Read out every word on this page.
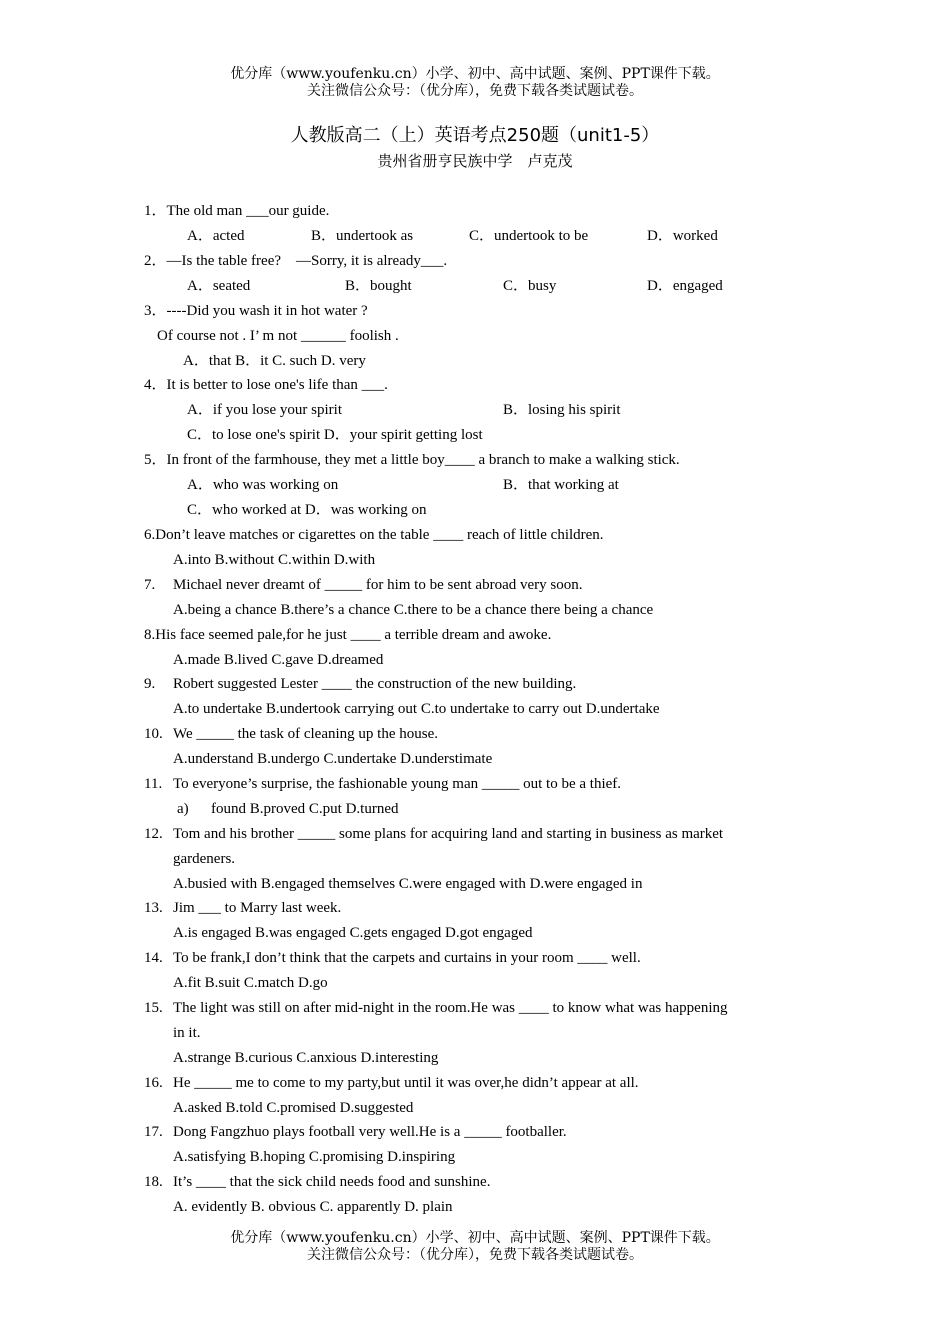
优分库（www.youfenku.cn）小学、初中、高中试题、案例、PPT课件下载。
关注微信公众号：（优分库），免费下载各类试题试卷。
人教版高二（上）英语考点250题（unit1-5）
贵州省册亨民族中学　卢克茂
1．The old man ___our guide.
A．acted	B．undertook as	C．undertook to be	D．worked
2．—Is the table free?　—Sorry, it is already___.
A．seated	B．bought	C．busy	D．engaged
3．----Did you wash it in hot water ?
Of course not . I’ m not ______ foolish .
A．that B．it C. such D. very
4．It is better to lose one's life than ___.
A．if you lose your spirit	B．losing his spirit
C．to lose one's spirit D．your spirit getting lost
5．In front of the farmhouse, they met a little boy____ a branch to make a walking stick.
A．who was working on	B．that working at
C．who worked at D．was working on
6.Don’t leave matches or cigarettes on the table ____ reach of little children.
A.into B.without C.within D.with
7. Michael never dreamt of _____ for him to be sent abroad very soon.
A.being a chance B.there’s a chance C.there to be a chance there being a chance
8.His face seemed pale,for he just ____ a terrible dream and awoke.
A.made B.lived C.gave D.dreamed
9. Robert suggested Lester ____ the construction of the new building.
A.to undertake B.undertook carrying out C.to undertake to carry out D.undertake
10. We _____ the task of cleaning up the house.
A.understand B.undergo C.undertake D.understimate
11. To everyone’s surprise, the fashionable young man _____ out to be a thief.
a) found B.proved C.put D.turned
12. Tom and his brother _____ some plans for acquiring land and starting in business as market
gardeners.
A.busied with B.engaged themselves C.were engaged with D.were engaged in
13. Jim ___ to Marry last week.
A.is engaged B.was engaged C.gets engaged D.got engaged
14. To be frank,I don’t think that the carpets and curtains in your room ____ well.
A.fit B.suit C.match D.go
15. The light was still on after mid-night in the room.He was ____ to know what was happening
in it.
A.strange B.curious C.anxious D.interesting
16. He _____ me to come to my party,but until it was over,he didn’t appear at all.
A.asked B.told C.promised D.suggested
17. Dong Fangzhuo plays football very well.He is a _____ footballer.
A.satisfying B.hoping C.promising D.inspiring
18. It’s ____ that the sick child needs food and sunshine.
A. evidently B. obvious C. apparently D. plain
优分库（www.youfenku.cn）小学、初中、高中试题、案例、PPT课件下载。
关注微信公众号：（优分库），免费下载各类试题试卷。
